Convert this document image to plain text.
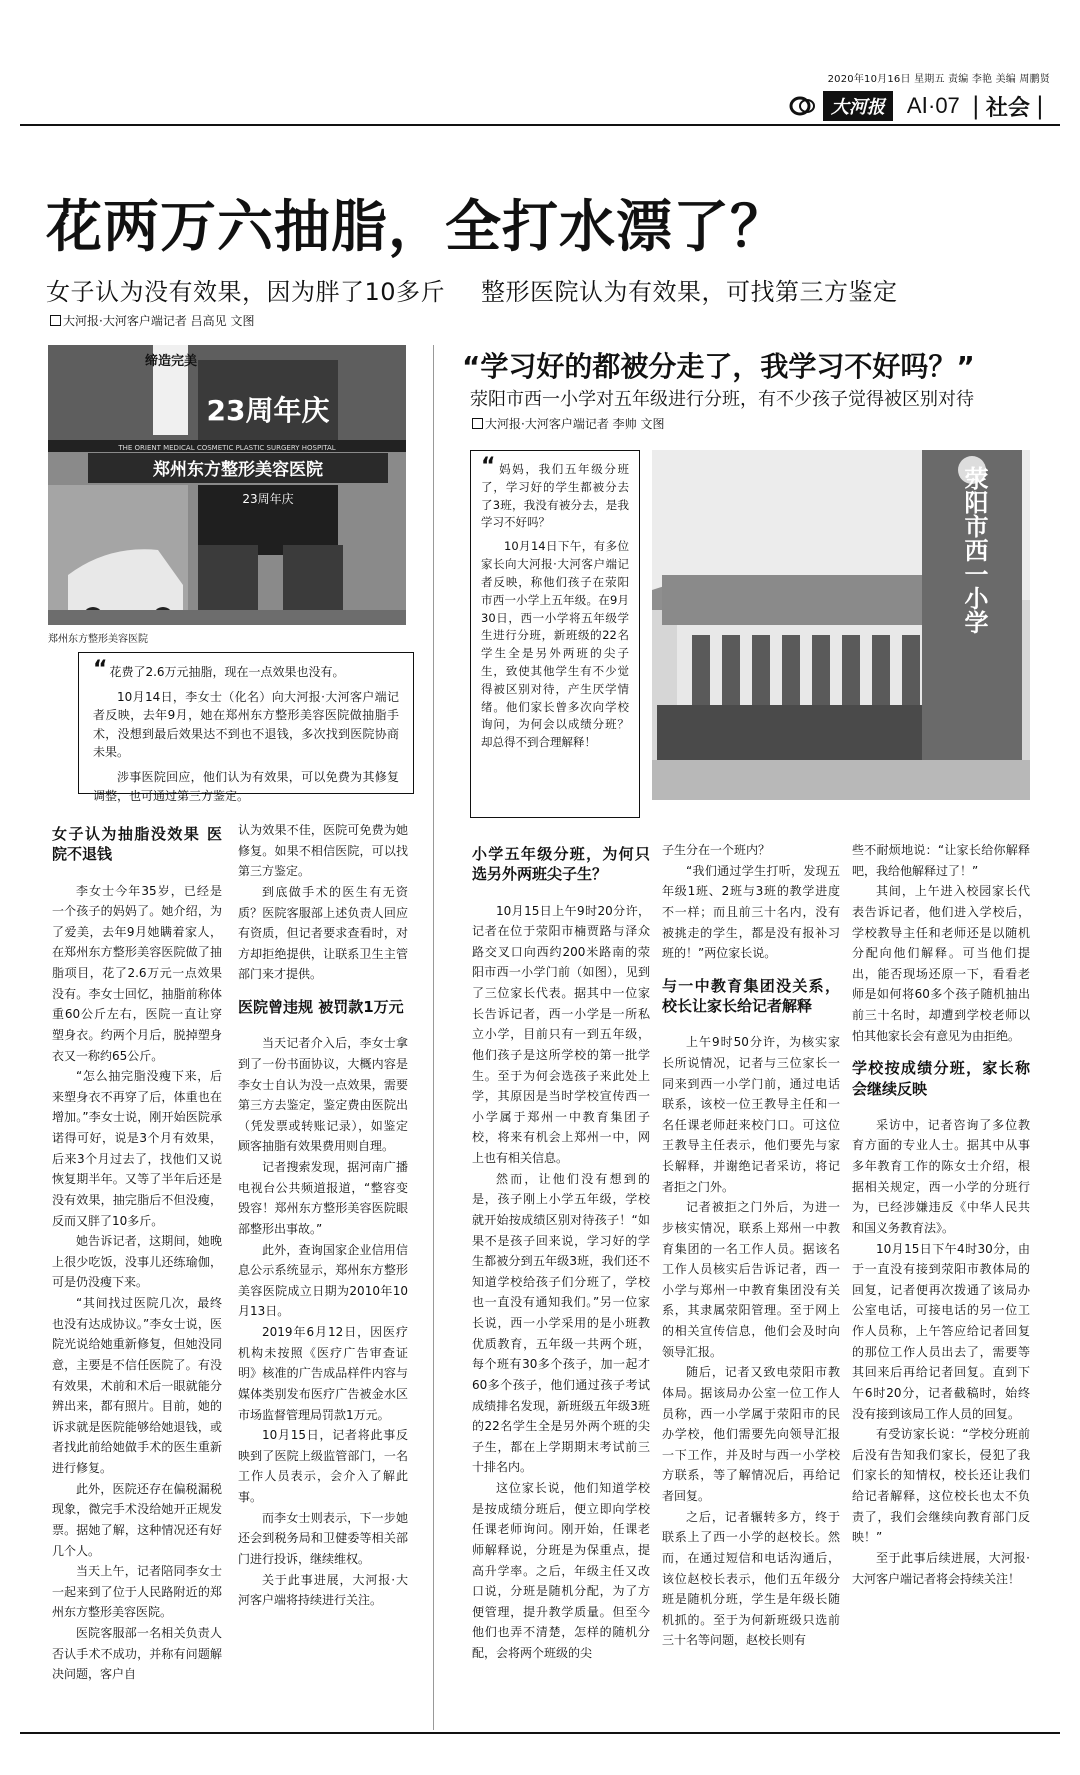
2020年10月16日 星期五 责编 李艳 美编 周鹏贤
大河报	AⅠ·07 | 社会 |
花两万六抽脂，全打水漂了？
女子认为没有效果，因为胖了10多斤 整形医院认为有效果，可找第三方鉴定
大河报·大河客户端记者 吕高见 文图
缔造完美
23周年庆
THE ORIENT MEDICAL COSMETIC PLASTIC SURGERY HOSPITAL
郑州东方整形美容医院
23周年庆
郑州东方整形美容医院

“ 花费了2.6万元抽脂，现在一点效果也没有。

10月14日，李女士（化名）向大河报·大河客户端记者反映，去年9月，她在郑州东方整形美容医院做抽脂手术，没想到最后效果达不到也不退钱，多次找到医院协商未果。

涉事医院回应，他们认为有效果，可以免费为其修复调整，也可通过第三方鉴定。

女子认为抽脂没效果 医院不退钱

李女士今年35岁，已经是一个孩子的妈妈了。她介绍，为了爱美，去年9月她瞒着家人，在郑州东方整形美容医院做了抽脂项目，花了2.6万元一点效果没有。李女士回忆，抽脂前称体重60公斤左右，医院一直让穿塑身衣。约两个月后，脱掉塑身衣又一称约65公斤。

“怎么抽完脂没瘦下来，后来塑身衣不再穿了后，体重也在增加。”李女士说，刚开始医院承诺得可好，说是3个月有效果，后来3个月过去了，找他们又说恢复期半年。又等了半年后还是没有效果，抽完脂后不但没瘦，反而又胖了10多斤。

她告诉记者，这期间，她晚上很少吃饭，没事儿还练瑜伽，可是仍没瘦下来。

“其间找过医院几次，最终也没有达成协议。”李女士说，医院光说给她重新修复，但她没同意，主要是不信任医院了。有没有效果，术前和术后一眼就能分辨出来，都有照片。目前，她的诉求就是医院能够给她退钱，或者找此前给她做手术的医生重新进行修复。

此外，医院还存在偏税漏税现象，微完手术没给她开正规发票。据她了解，这种情况还有好几个人。

当天上午，记者陪同李女士一起来到了位于人民路附近的郑州东方整形美容医院。

医院客服部一名相关负责人否认手术不成功，并称有问题解决问题，客户自

认为效果不佳，医院可免费为她修复。如果不相信医院，可以找第三方鉴定。

到底做手术的医生有无资质？医院客服部上述负责人回应有资质，但记者要求查看时，对方却拒绝提供，让联系卫生主管部门来才提供。

医院曾违规 被罚款1万元

当天记者介入后，李女士拿到了一份书面协议，大概内容是李女士自认为没一点效果，需要第三方去鉴定，鉴定费由医院出（凭发票或转账记录），如鉴定顾客抽脂有效果费用则自理。

记者搜索发现，据河南广播电视台公共频道报道，“整容变毁容！郑州东方整形美容医院眼部整形出事故。”

此外，查询国家企业信用信息公示系统显示，郑州东方整形美容医院成立日期为2010年10月13日。

2019年6月12日，因医疗机构未按照《医疗广告审查证明》核准的广告成品样件内容与媒体类别发布医疗广告被金水区市场监督管理局罚款1万元。

10月15日，记者将此事反映到了医院上级监管部门，一名工作人员表示，会介入了解此事。

而李女士则表示，下一步她还会到税务局和卫健委等相关部门进行投诉，继续维权。

关于此事进展，大河报·大河客户端将持续进行关注。

“学习好的都被分走了，我学习不好吗？”
荥阳市西一小学对五年级进行分班，有不少孩子觉得被区别对待
大河报·大河客户端记者 李帅 文图

“ 妈妈，我们五年级分班了，学习好的学生都被分去了3班，我没有被分去，是我学习不好吗？

10月14日下午，有多位家长向大河报·大河客户端记者反映，称他们孩子在荥阳市西一小学上五年级。在9月30日，西一小学将五年级学生进行分班，新班级的22名学生全是另外两班的尖子生，致使其他学生有不少觉得被区别对待，产生厌学情绪。他们家长曾多次向学校询问，为何会以成绩分班？却总得不到合理解释！

荥阳市西一小学
小学五年级分班，为何只选另外两班尖子生？

10月15日上午9时20分许，记者在位于荥阳市楠贾路与泽众路交叉口向西约200米路南的荥阳市西一小学门前（如图），见到了三位家长代表。据其中一位家长告诉记者，西一小学是一所私立小学，目前只有一到五年级，他们孩子是这所学校的第一批学生。至于为何会选孩子来此处上学，其原因是当时学校宣传西一小学属于郑州一中教育集团子校，将来有机会上郑州一中，网上也有相关信息。

然而，让他们没有想到的是，孩子刚上小学五年级，学校就开始按成绩区别对待孩子！“如果不是孩子回来说，学习好的学生都被分到五年级3班，我们还不知道学校给孩子们分班了，学校也一直没有通知我们。”另一位家长说，西一小学采用的是小班教优质教育，五年级一共两个班，每个班有30多个孩子，加一起才60多个孩子，他们通过孩子考试成绩排名发现，新班级五年级3班的22名学生全是另外两个班的尖子生，都在上学期期末考试前三十排名内。

这位家长说，他们知道学校是按成绩分班后，便立即向学校任课老师询问。刚开始，任课老师解释说，分班是为保重点，提高升学率。之后，年级主任又改口说，分班是随机分配，为了方便管理，提升教学质量。但至今他们也弄不清楚，怎样的随机分配，会将两个班级的尖

子生分在一个班内？

“我们通过学生打听，发现五年级1班、2班与3班的教学进度不一样；而且前三十名内，没有被挑走的学生，都是没有报补习班的！”两位家长说。

与一中教育集团没关系，校长让家长给记者解释

上午9时50分许，为核实家长所说情况，记者与三位家长一同来到西一小学门前，通过电话联系，该校一位王教导主任和一名任课老师赶来校门口。可这位王教导主任表示，他们要先与家长解释，并谢绝记者采访，将记者拒之门外。

记者被拒之门外后，为进一步核实情况，联系上郑州一中教育集团的一名工作人员。据该名工作人员核实后告诉记者，西一小学与郑州一中教育集团没有关系，其隶属荥阳管理。至于网上的相关宣传信息，他们会及时向领导汇报。

随后，记者又致电荥阳市教体局。据该局办公室一位工作人员称，西一小学属于荥阳市的民办学校，他们需要先向领导汇报一下工作，并及时与西一小学校方联系，等了解情况后，再给记者回复。

之后，记者辗转多方，终于联系上了西一小学的赵校长。然而，在通过短信和电话沟通后，该位赵校长表示，他们五年级分班是随机分班，学生是年级长随机抓的。至于为何新班级只选前三十名等问题，赵校长则有

些不耐烦地说：“让家长给你解释吧，我给他解释过了！”

其间，上午进入校园家长代表告诉记者，他们进入学校后，学校教导主任和老师还是以随机分配向他们解释。可当他们提出，能否现场还原一下，看看老师是如何将60多个孩子随机抽出前三十名时，却遭到学校老师以怕其他家长会有意见为由拒绝。

学校按成绩分班，家长称会继续反映

采访中，记者咨询了多位教育方面的专业人士。据其中从事多年教育工作的陈女士介绍，根据相关规定，西一小学的分班行为，已经涉嫌违反《中华人民共和国义务教育法》。

10月15日下午4时30分，由于一直没有接到荥阳市教体局的回复，记者便再次拨通了该局办公室电话，可接电话的另一位工作人员称，上午答应给记者回复的那位工作人员出去了，需要等其回来后再给记者回复。直到下午6时20分，记者截稿时，始终没有接到该局工作人员的回复。

有受访家长说：“学校分班前后没有告知我们家长，侵犯了我们家长的知情权，校长还让我们给记者解释，这位校长也太不负责了，我们会继续向教育部门反映！”

至于此事后续进展，大河报·大河客户端记者将会持续关注！
